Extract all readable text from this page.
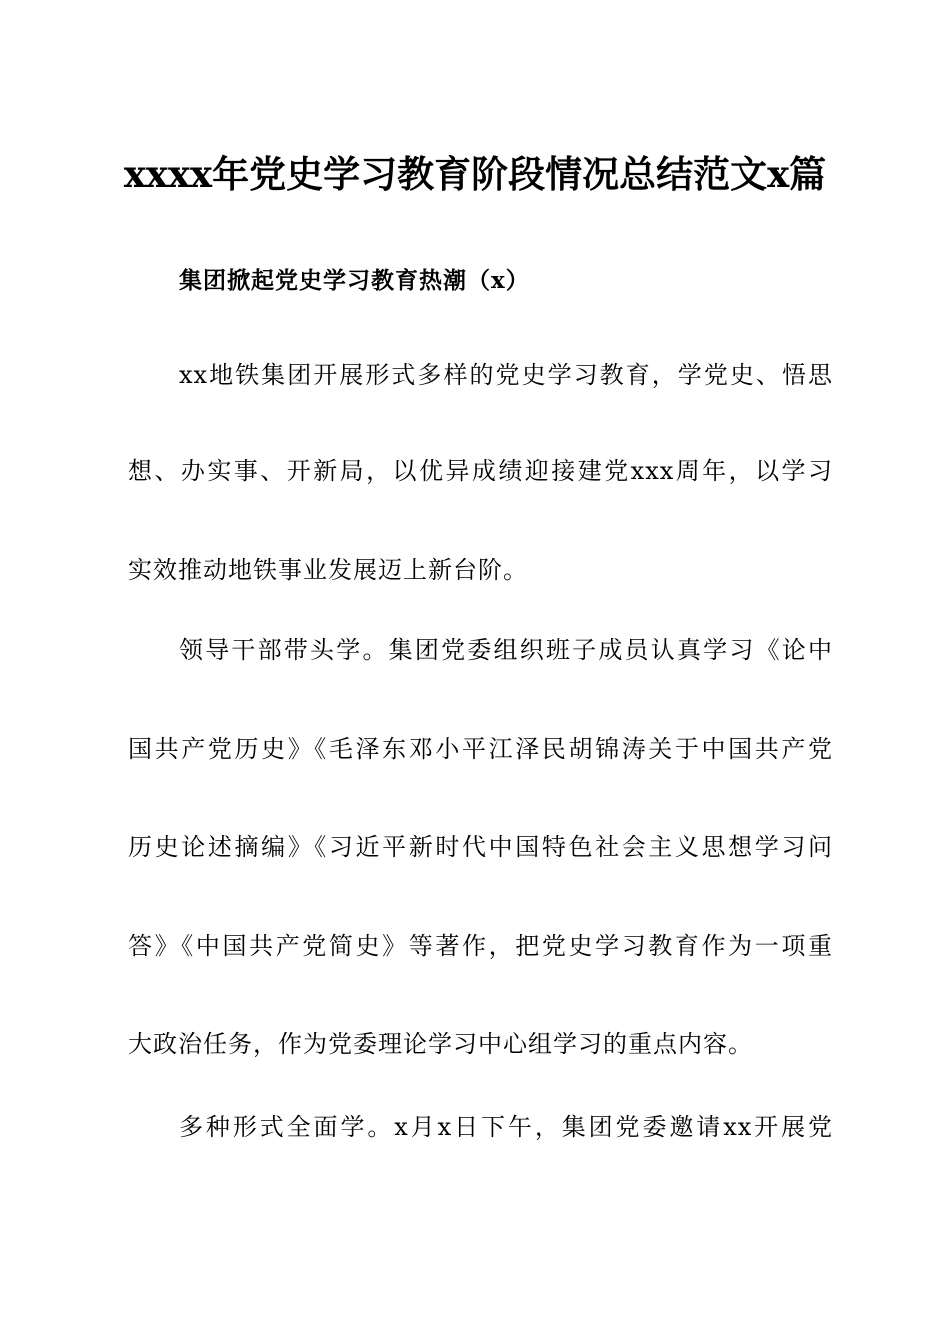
xxxx年党史学习教育阶段情况总结范文x篇
集团掀起党史学习教育热潮（x）
xx地铁集团开展形式多样的党史学习教育，学党史、悟思
想、办实事、开新局，以优异成绩迎接建党xxx周年，以学习
实效推动地铁事业发展迈上新台阶。
领导干部带头学。集团党委组织班子成员认真学习《论中
国共产党历史》《毛泽东邓小平江泽民胡锦涛关于中国共产党
历史论述摘编》《习近平新时代中国特色社会主义思想学习问
答》《中国共产党简史》等著作，把党史学习教育作为一项重
大政治任务，作为党委理论学习中心组学习的重点内容。
多种形式全面学。x月x日下午，集团党委邀请xx开展党
